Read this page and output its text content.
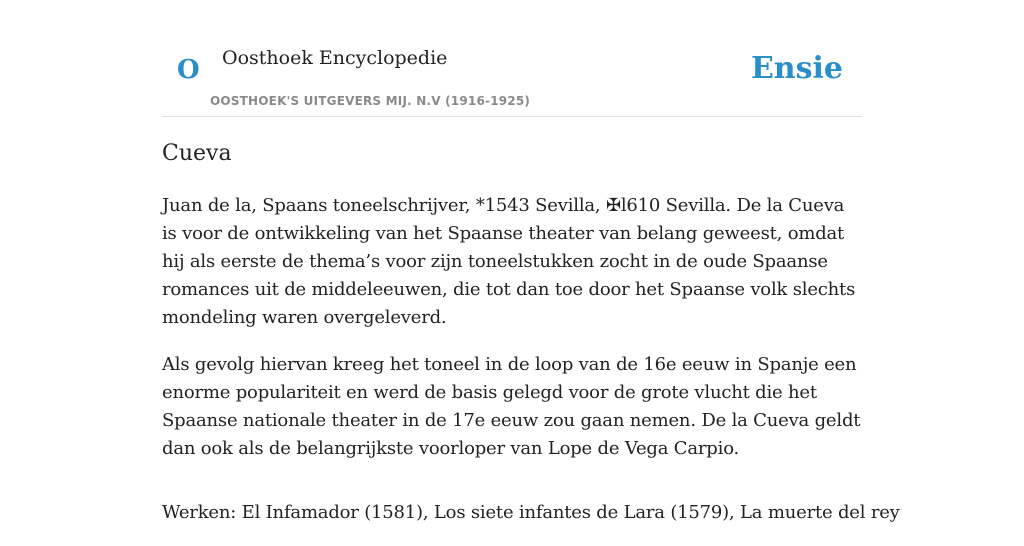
O Oosthoek Encyclopedie
OOSTHOEK'S UITGEVERS MIJ. N.V (1916-1925)
Ensie
Cueva

Juan de la, Spaans toneelschrijver, *1543 Sevilla, ✠l610 Sevilla. De la Cueva is voor de ontwikkeling van het Spaanse theater van belang geweest, omdat hij als eerste de thema’s voor zijn toneelstukken zocht in de oude Spaanse romances uit de middeleeuwen, die tot dan toe door het Spaanse volk slechts mondeling waren overgeleverd.

Als gevolg hiervan kreeg het toneel in de loop van de 16e eeuw in Spanje een enorme populariteit en werd de basis gelegd voor de grote vlucht die het Spaanse nationale theater in de 17e eeuw zou gaan nemen. De la Cueva geldt dan ook als de belangrijkste voorloper van Lope de Vega Carpio.

Werken: El Infamador (1581), Los siete infantes de Lara (1579), La muerte del rey
